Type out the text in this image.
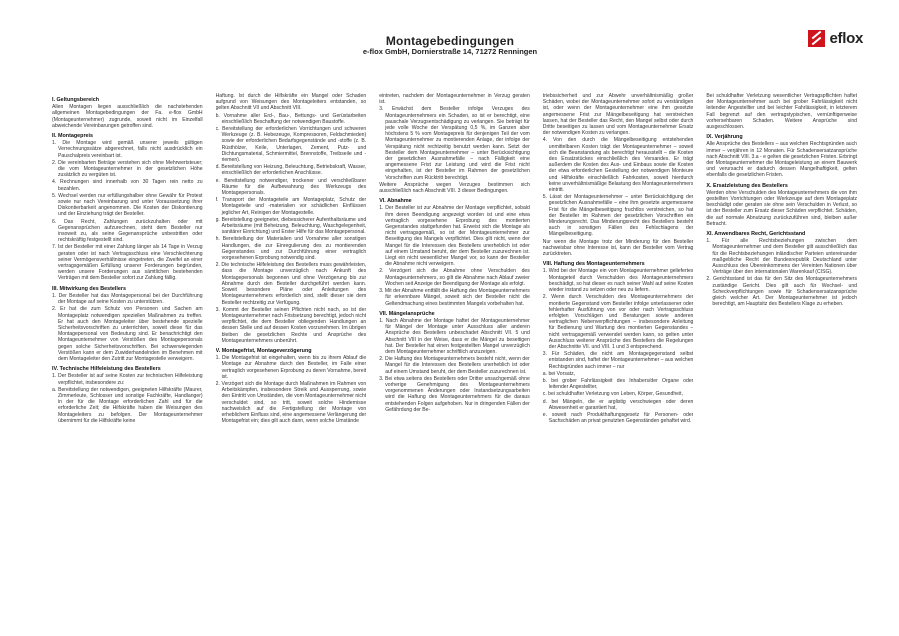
Montagebedingungen
e-flox GmbH, Dornierstraße 14, 71272 Renningen
eflox
I. Geltungsbereich

Allen Montagen liegen ausschließlich die nachstehenden allgemeinen Montagebedingungen der Fa. e-flox GmbH (Montageunternehmer) zugrunde, soweit nicht im Einzelfall abweichende Vereinbarungen getroffen sind.

II. Montagepreis

1. Die Montage wird gemäß unserer jeweils gültigen Verrechnungssätze abgerechnet, falls nicht ausdrücklich ein Pauschalpreis vereinbart ist.

2. Die vereinbarten Beträge verstehen sich ohne Mehrwertsteuer; die vom Montageunternehmer in der gesetzlichen Höhe zusätzlich zu vergüten ist.

4. Rechnungen sind innerhalb von 30 Tagen rein netto zu bezahlen.

5. Wechsel werden nur erfüllungshalber ohne Gewähr für Protest sowie nur nach Vereinbarung und unter Voraussetzung ihrer Diskontierbarkeit angenommen. Die Kosten der Diskontierung und der Einziehung trägt der Besteller.

6. Das Recht, Zahlungen zurückzuhalten oder mit Gegenansprüchen aufzurechnen, steht dem Besteller nur insoweit zu, als seine Gegenansprüche unbestritten oder rechtskräftig festgestellt sind.

7. Ist der Besteller mit einer Zahlung länger als 14 Tage in Verzug geraten oder ist nach Vertragsschluss eine Verschlechterung seiner Vermögensverhältnisse eingetreten, die Zweifel an einer vertragsgemäßen Erfüllung unserer Forderungen begründen, werden unsere Forderungen aus sämtlichen bestehenden Verträgen mit dem Besteller sofort zur Zahlung fällig.

III. Mitwirkung des Bestellers

1. Der Besteller hat das Montagepersonal bei der Durchführung der Montage auf seine Kosten zu unterstützen.

2. Er hat die zum Schutz von Personen und Sachen am Montageplatz notwendigen speziellen Maßnahmen zu treffen. Er hat auch den Montageleiter über bestehende spezielle Sicherheitsvorschriften zu unterrichten, soweit diese für das Montagepersonal von Bedeutung sind. Er benachrichtigt den Montageunternehmer von Verstößen des Montagepersonals gegen solche Sicherheitsvorschriften. Bei schwerwiegenden Verstößen kann er dem Zuwiderhandelnden im Benehmen mit dem Montageleiter den Zutritt zur Montagestelle verweigern.

IV. Technische Hilfeleistung des Bestellers

1. Der Besteller ist auf seine Kosten zur technischen Hilfeleistung verpflichtet, insbesondere zu:

a. Bereitstellung der notwendigen, geeigneten Hilfskräfte (Maurer, Zimmerleute, Schlosser und sonstige Fachkräfte, Handlanger) in der für die Montage erforderlichen Zahl und für die erforderliche Zeit; die Hilfskräfte haben die Weisungen des Montageleiters zu befolgen. Der Montageunternehmer übernimmt für die Hilfskräfte keine

Haftung. Ist durch die Hilfskräfte ein Mangel oder Schaden aufgrund von Weisungen des Montageleiters entstanden, so gelten Abschnitt VII und Abschnitt VIII.

b. Vornahme aller Erd-, Bau-, Bettungs- und Gerüstarbeiten einschließlich Beschaffung der notwendigen Baustoffe.

c. Bereitstellung der erforderlichen Vorrichtungen und schweren Werkzeuge (z. B. Hebezeuge, Kompressoren, Feldschmieden) sowie der erforderlichen Bedarfsgegenstände und -stoffe (z. B. Rüsthölzer, Keile, Unterlagen, Zement, Putz- und Dichtungsmaterial, Schmiermittel, Brennstoffe, Treibseile und -riemen).

d. Bereitstellung von Heizung, Beleuchtung, Betriebskraft, Wasser, einschließlich der erforderlichen Anschlüsse.

e. Bereitstellung notwendiger, trockener und verschließbarer Räume für die Aufbewahrung des Werkzeugs des Montagepersonals.

f. Transport der Montageteile am Montageplatz, Schutz der Montageteile und -materialien vor schädlichen Einflüssen jeglicher Art, Reinigen der Montagestelle.

g. Bereitstellung geeigneter, diebessicherer Aufenthaltsräume und Arbeitsräume (mit Beheizung, Beleuchtung, Waschgelegenheit, sanitärer Einrichtung) und Erster Hilfe für das Montagepersonal.

h. Bereitstellung der Materialien und Vornahme aller sonstigen Handlungen, die zur Einregulierung des zu montierenden Gegenstandes und zur Durchführung einer vertraglich vorgesehenen Erprobung notwendig sind.

2. Die technische Hilfeleistung des Bestellers muss gewährleisten, dass die Montage unverzüglich nach Ankunft des Montagepersonals begonnen und ohne Verzögerung bis zur Abnahme durch den Besteller durchgeführt werden kann. Soweit besondere Pläne oder Anleitungen des Montageunternehmers erforderlich sind, stellt dieser sie dem Besteller rechtzeitig zur Verfügung.

3. Kommt der Besteller seinen Pflichten nicht nach, so ist der Montageunternehmer nach Fristsetzung berechtigt, jedoch nicht verpflichtet, die dem Besteller obliegenden Handlungen an dessen Stelle und auf dessen Kosten vorzunehmen. Im übrigen bleiben die gesetzlichen Rechte und Ansprüche des Montageunternehmers unberührt.

V. Montagefrist, Montageverzögerung

1. Die Montagefrist ist eingehalten, wenn bis zu ihrem Ablauf die Montage zur Abnahme durch den Besteller, im Falle einer vertraglich vorgesehenen Erprobung zu deren Vornahme, bereit ist.

2. Verzögert sich die Montage durch Maßnahmen im Rahmen von Arbeitskämpfen, insbesondere Streik und Aussperrung, sowie den Eintritt von Umständen, die vom Montageunternehmer nicht verschuldet sind, so tritt, soweit solche Hindernisse nachweislich auf die Fertigstellung der Montage von erheblichem Einfluss sind, eine angemessene Verlängerung der Montagefrist ein; dies gilt auch dann, wenn solche Umstände

eintreten, nachdem der Montageunternehmer in Verzug geraten ist.

3. Erwächst dem Besteller infolge Verzuges des Montageunternehmers ein Schaden, so ist er berechtigt, eine pauschale Verzugsentschädigung zu verlangen. Sie beträgt für jede volle Woche der Verspätung 0,5 %, im Ganzen aber höchstens 5 % vom Montagepreis für denjenigen Teil der vom Montageunternehmer zu montierenden Anlage, der infolge der Verspätung nicht rechtzeitig benutzt werden kann. Setzt der Besteller dem Montageunternehmer – unter Berücksichtigung der gesetzlichen Ausnahmefälle – nach Fälligkeit eine angemessene Frist zur Leistung und wird die Frist nicht eingehalten, ist der Besteller im Rahmen der gesetzlichen Vorschriften zum Rücktritt berechtigt.

Weitere Ansprüche wegen Verzuges bestimmen sich ausschließlich nach Abschnitt VIII. 3 dieser Bedingungen.

VI. Abnahme

1. Der Besteller ist zur Abnahme der Montage verpflichtet, sobald ihm deren Beendigung angezeigt worden ist und eine etwa vertraglich vorgesehene Erprobung des montierten Gegenstandes stattgefunden hat. Erweist sich die Montage als nicht vertragsgemäß, so ist der Montageunternehmer zur Beseitigung des Mangels verpflichtet. Dies gilt nicht, wenn der Mangel für die Interessen des Bestellers unerheblich ist oder auf einem Umstand beruht, der dem Besteller zuzurechnen ist. Liegt ein nicht wesentlicher Mangel vor, so kann der Besteller die Abnahme nicht verweigern.

2. Verzögert sich die Abnahme ohne Verschulden des Montageunternehmers, so gilt die Abnahme nach Ablauf zweier Wochen seit Anzeige der Beendigung der Montage als erfolgt.

3. Mit der Abnahme entfällt die Haftung des Montageunternehmers für erkennbare Mängel, soweit sich der Besteller nicht die Geltendmachung eines bestimmten Mangels vorbehalten hat.

VII. Mängelansprüche

1. Nach Abnahme der Montage haftet der Montageunternehmer für Mängel der Montage unter Ausschluss aller anderen Ansprüche des Bestellers unbeschadet Abschnitt VII. 5 und Abschnitt VIII in der Weise, dass er die Mängel zu beseitigen hat. Der Besteller hat einen festgestellten Mangel unverzüglich dem Montageunternehmer schriftlich anzuzeigen.

2. Die Haftung des Montageunternehmers besteht nicht, wenn der Mangel für die Interessen des Bestellers unerheblich ist oder auf einem Umstand beruht, der dem Besteller zuzurechnen ist.

3. Bei etwa seitens des Bestellers oder Dritter unsachgemäß ohne vorherige Genehmigung des Montageunternehmers vorgenommenen Änderungen oder Instandsetzungsarbeiten wird die Haftung des Montageunternehmers für die daraus entstehenden Folgen aufgehoben. Nur in dringenden Fällen der Gefährdung der Be-

triebssicherheit und zur Abwehr unverhältnismäßig großer Schäden, wobei der Montageunternehmer sofort zu verständigen ist, oder wenn der Montageunternehmer eine ihm gesetzte angemessene Frist zur Mängelbeseitigung hat verstreichen lassen, hat der Besteller das Recht, den Mangel selbst oder durch Dritte beseitigen zu lassen und vom Montageunternehmer Ersatz der notwendigen Kosten zu verlangen.

4. Von den durch die Mängelbeseitigung entstehenden unmittelbaren Kosten trägt der Montageunternehmer – soweit sich die Beanstandung als berechtigt herausstellt – die Kosten des Ersatzstückes einschließlich des Versandes. Er trägt außerdem die Kosten des Aus- und Einbaus sowie die Kosten der etwa erforderlichen Gestellung der notwendigen Monteure und Hilfskräfte einschließlich Fahrkosten, soweit hierdurch keine unverhältnismäßige Belastung des Montageunternehmers eintritt.

5. Lässt der Montageunternehmer – unter Berücksichtigung der gesetzlichen Ausnahmefälle – eine ihm gesetzte angemessene Frist für die Mängelbeseitigung fruchtlos verstreichen, so hat der Besteller im Rahmen der gesetzlichen Vorschriften ein Minderungsrecht. Das Minderungsrecht des Bestellers besteht auch in sonstigen Fällen des Fehlschlagens der Mängelbeseitigung.

Nur wenn die Montage trotz der Minderung für den Besteller nachweisbar ohne Interesse ist, kann der Besteller vom Vertrag zurücktreten.

VIII. Haftung des Montageunternehmers

1. Wird bei der Montage ein vom Montageunternehmer geliefertes Montageteil durch Verschulden des Montageunternehmers beschädigt, so hat dieser es nach seiner Wahl auf seine Kosten wieder instand zu setzen oder neu zu liefern.

2. Wenn durch Verschulden des Montageunternehmers der montierte Gegenstand vom Besteller infolge unterlassener oder fehlerhafter Ausführung von vor oder nach Vertragsschluss erfolgten Vorschlägen und Beratungen sowie anderen vertraglichen Nebenverpflichtungen – insbesondere Anleitung für Bedienung und Wartung des montierten Gegenstandes – nicht vertragsgemäß verwendet werden kann, so gelten unter Ausschluss weiterer Ansprüche des Bestellers die Regelungen der Abschnitte VII. und VIII. 1 und 3 entsprechend.

3. Für Schäden, die nicht am Montagegegenstand selbst entstanden sind, haftet der Montageunternehmer – aus welchen Rechtsgründen auch immer – nur

a. bei Vorsatz,

b. bei grober Fahrlässigkeit des Inhabers/der Organe oder leitender Angestellter,

c. bei schuldhafter Verletzung von Leben, Körper, Gesundheit,

d. bei Mängeln, die er arglistig verschwiegen oder deren Abwesenheit er garantiert hat,

e. soweit nach Produkthaftungsgesetz für Personen- oder Sachschäden an privat genutzten Gegenständen gehaftet wird.

Bei schuldhafter Verletzung wesentlicher Vertragspflichten haftet der Montageunternehmer auch bei grober Fahrlässigkeit nicht leitender Angestellter und bei leichter Fahrlässigkeit, in letzterem Fall begrenzt auf den vertragstypischen, vernünftigerweise vorhersehbaren Schaden. Weitere Ansprüche sind ausgeschlossen.

IX. Verjährung

Alle Ansprüche des Bestellers – aus welchen Rechtsgründen auch immer – verjähren in 12 Monaten. Für Schadensersatzansprüche nach Abschnitt VIII. 3.a - e gelten die gesetzlichen Fristen. Erbringt der Montageunternehmer die Montageleistung an einem Bauwerk und verursacht er dadurch dessen Mangelhaftigkeit, gelten ebenfalls die gesetzlichen Fristen.

X. Ersatzleistung des Bestellers

Werden ohne Verschulden des Montageunternehmers die von ihm gestellten Vorrichtungen oder Werkzeuge auf dem Montageplatz beschädigt oder geraten sie ohne sein Verschulden in Verlust, so ist der Besteller zum Ersatz dieser Schäden verpflichtet. Schäden, die auf normale Abnutzung zurückzuführen sind, bleiben außer Betracht.

XI. Anwendbares Recht, Gerichtsstand

1. Für alle Rechtsbeziehungen zwischen dem Montageunternehmer und dem Besteller gilt ausschließlich das für die Rechtsbeziehungen inländischer Parteien untereinander maßgebliche Recht der Bundesrepublik Deutschland unter Ausschluss des Übereinkommens der Vereinten Nationen über Verträge über den internationalen Warenkauf (CISG).

2. Gerichtsstand ist das für den Sitz des Montageunternehmers zuständige Gericht. Dies gilt auch für Wechsel- und Scheckverpflichtungen sowie für Schadensersatzansprüche gleich welcher Art. Der Montageunternehmer ist jedoch berechtigt, am Hauptsitz des Bestellers Klage zu erheben.
